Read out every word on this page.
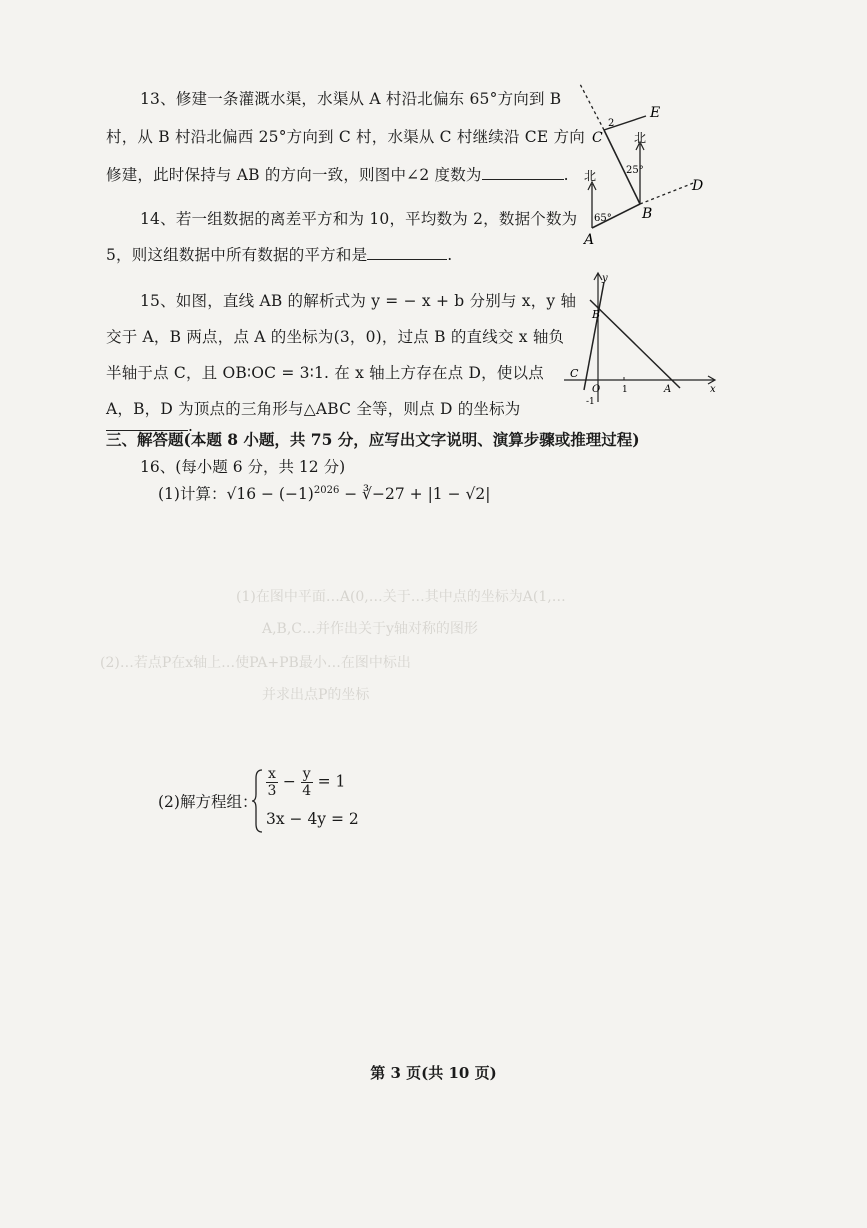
(1)在图中平面…A(0,…关于…其中点的坐标为A(1,…
A,B,C…并作出关于y轴对称的图形
(2)…若点P在x轴上…使PA+PB最小…在图中标出
并求出点P的坐标
13、修建一条灌溉水渠，水渠从 A 村沿北偏东 65°方向到 B
村，从 B 村沿北偏西 25°方向到 C 村，水渠从 C 村继续沿 CE 方向
修建，此时保持与 AB 的方向一致，则图中∠2 度数为	.
C
2
E
北
25°
北
B
D
65°
A
14、若一组数据的离差平方和为 10，平均数为 2，数据个数为
5，则这组数据中所有数据的平方和是	.
15、如图，直线 AB 的解析式为 y = − x + b 分别与 x，y 轴
交于 A，B 两点，点 A 的坐标为(3，0)，过点 B 的直线交 x 轴负
半轴于点 C，且 OB∶OC = 3∶1. 在 x 轴上方存在点 D，使以点
A，B，D 为顶点的三角形与△ABC 全等，则点 D 的坐标为
.
y
B
C
O 1	A	x
-1
三、解答题(本题 8 小题，共 75 分，应写出文字说明、演算步骤或推理过程)
16、(每小题 6 分，共 12 分)
(1)计算：$√16 - (-1)^{2026}$ − ∛−27 + |1 − √2|
(2)解方程组：
$\frac{x}{3} - \frac{y}{4} = 1$
3x − 4y = 2
第 3 页(共 10 页)
